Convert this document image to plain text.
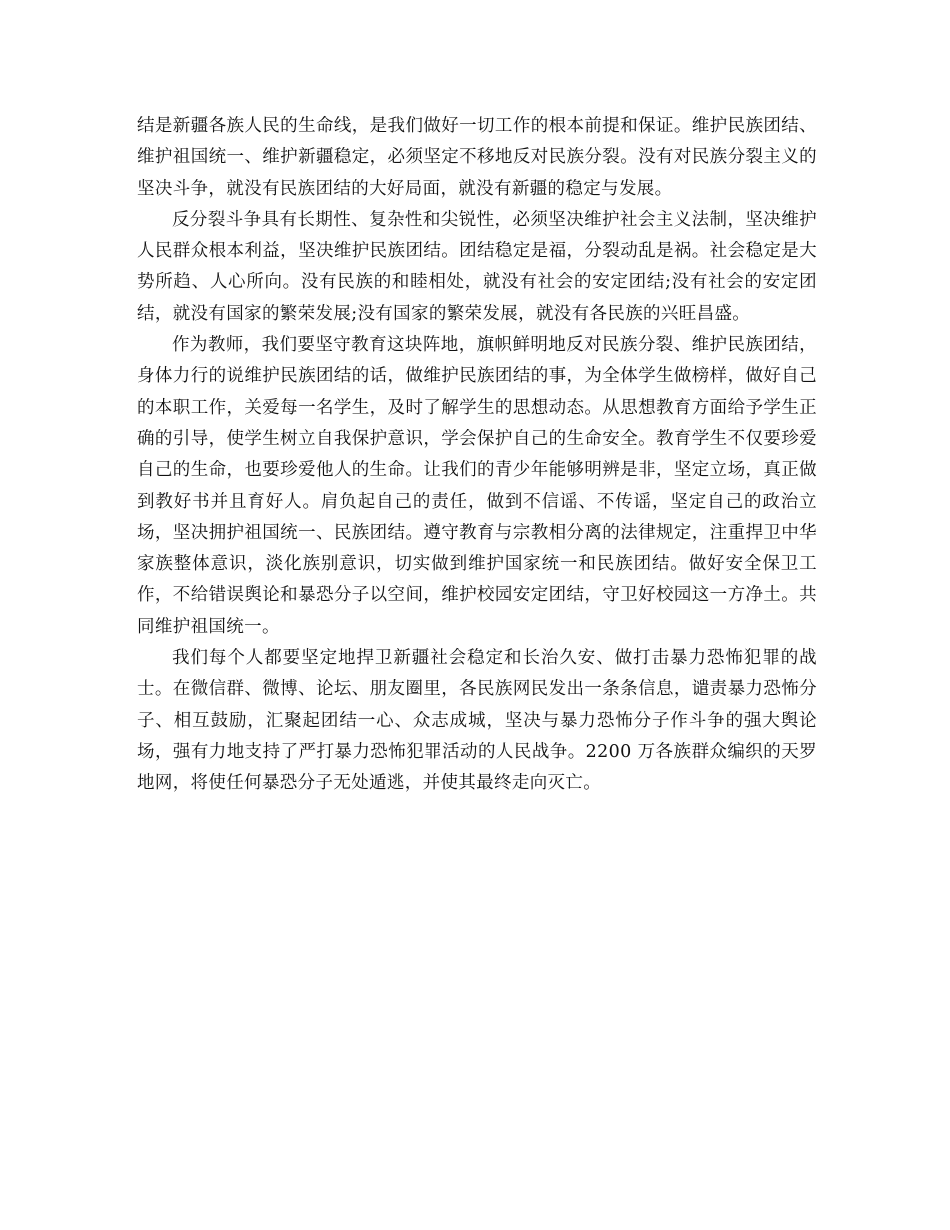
结是新疆各族人民的生命线，是我们做好一切工作的根本前提和保证。维护民族团结、维护祖国统一、维护新疆稳定，必须坚定不移地反对民族分裂。没有对民族分裂主义的坚决斗争，就没有民族团结的大好局面，就没有新疆的稳定与发展。

反分裂斗争具有长期性、复杂性和尖锐性，必须坚决维护社会主义法制，坚决维护人民群众根本利益，坚决维护民族团结。团结稳定是福，分裂动乱是祸。社会稳定是大势所趋、人心所向。没有民族的和睦相处，就没有社会的安定团结;没有社会的安定团结，就没有国家的繁荣发展;没有国家的繁荣发展，就没有各民族的兴旺昌盛。

作为教师，我们要坚守教育这块阵地，旗帜鲜明地反对民族分裂、维护民族团结， 身体力行的说维护民族团结的话，做维护民族团结的事，为全体学生做榜样，做好自己的本职工作，关爱每一名学生，及时了解学生的思想动态。从思想教育方面给予学生正确的引导，使学生树立自我保护意识，学会保护自己的生命安全。教育学生不仅要珍爱自己的生命，也要珍爱他人的生命。让我们的青少年能够明辨是非，坚定立场，真正做到教好书并且育好人。肩负起自己的责任，做到不信谣、不传谣，坚定自己的政治立场，坚决拥护祖国统一、民族团结。遵守教育与宗教相分离的法律规定，注重捍卫中华家族整体意识，淡化族别意识，切实做到维护国家统一和民族团结。做好安全保卫工作，不给错误舆论和暴恐分子以空间，维护校园安定团结，守卫好校园这一方净土。共同维护祖国统一。

我们每个人都要坚定地捍卫新疆社会稳定和长治久安、做打击暴力恐怖犯罪的战士。在微信群、微博、论坛、朋友圈里，各民族网民发出一条条信息，谴责暴力恐怖分子、相互鼓励，汇聚起团结一心、众志成城，坚决与暴力恐怖分子作斗争的强大舆论场，强有力地支持了严打暴力恐怖犯罪活动的人民战争。2200 万各族群众编织的天罗地网，将使任何暴恐分子无处遁逃，并使其最终走向灭亡。
